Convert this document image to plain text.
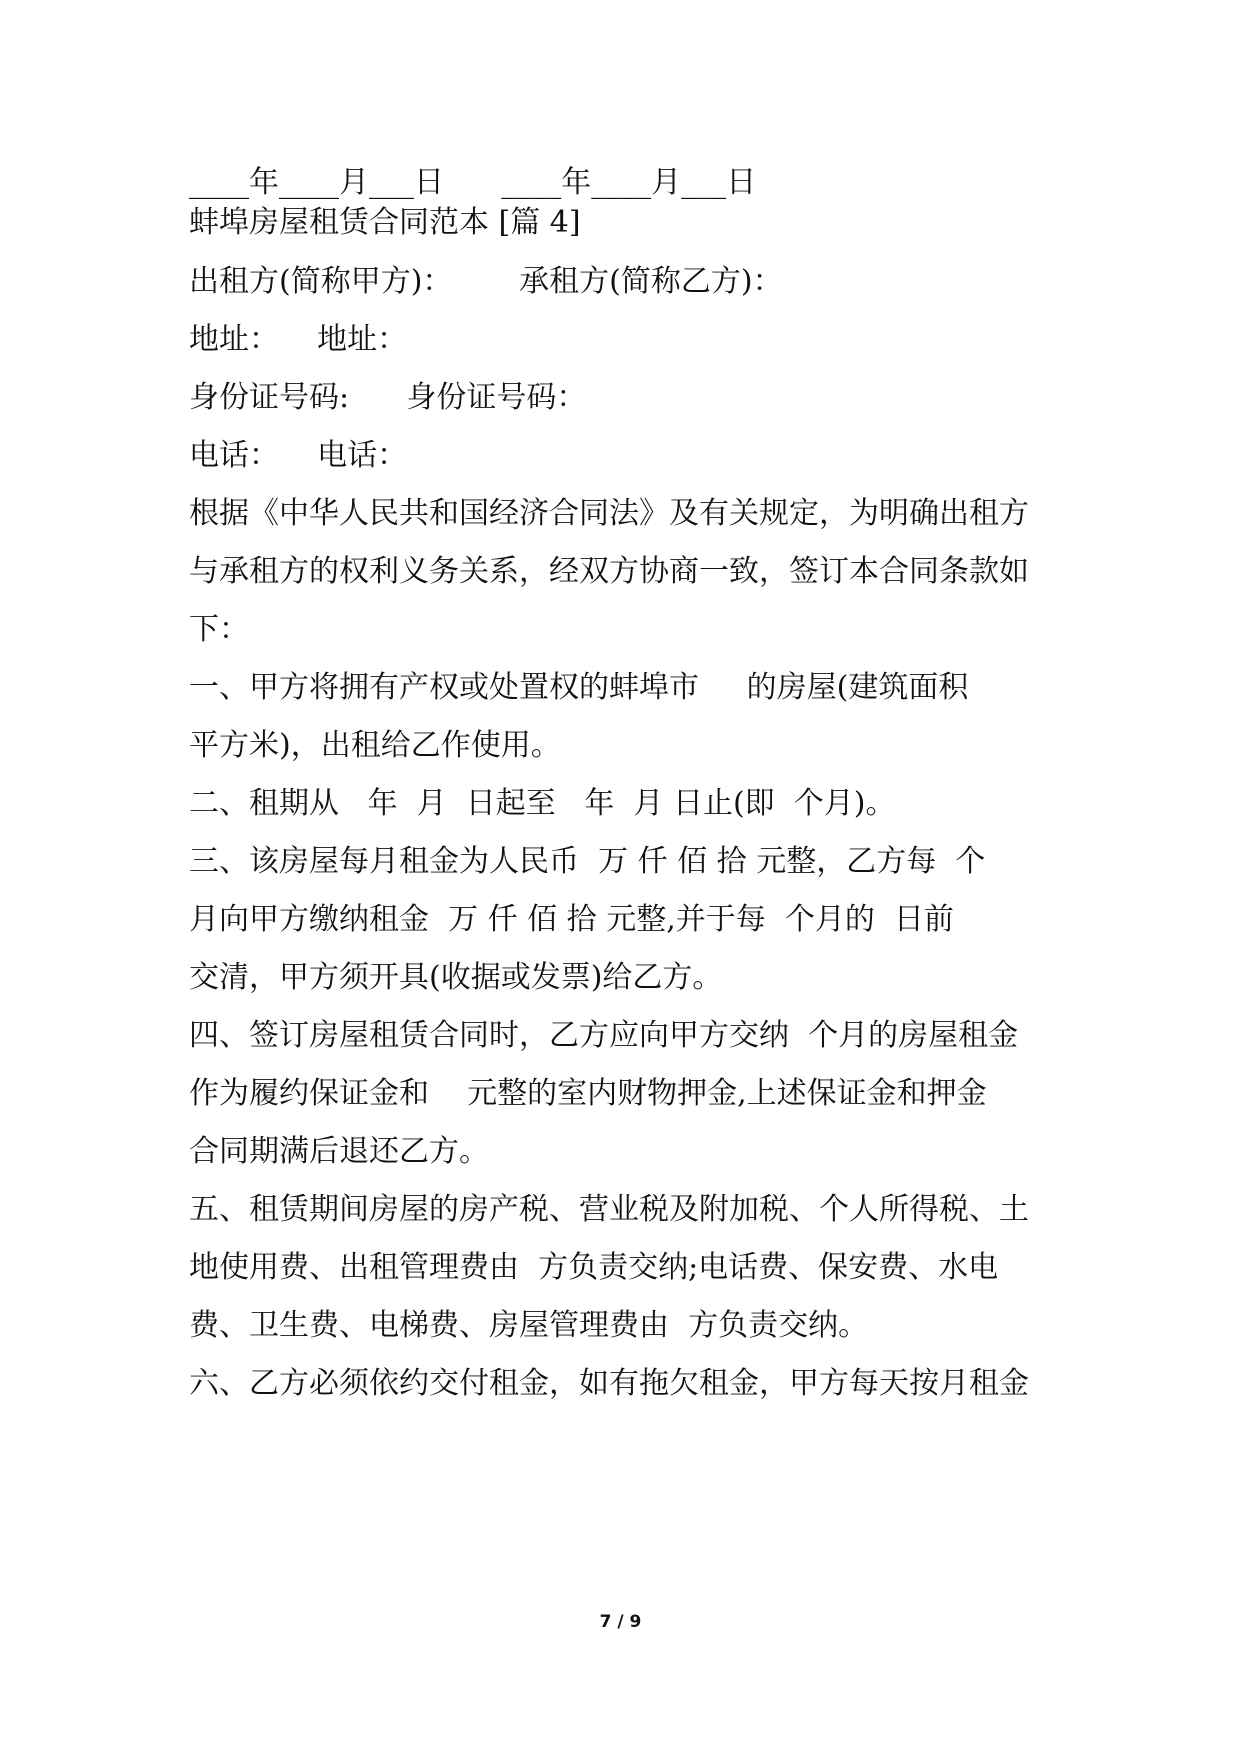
____年____月___日      ____年____月___日

蚌埠房屋租赁合同范本 [篇 4]

出租方(简称甲方)：       承租方(简称乙方)：

地址：    地址：

身份证号码:      身份证号码：

电话：    电话：

根据《中华人民共和国经济合同法》及有关规定，为明确出租方

与承租方的权利义务关系，经双方协商一致，签订本合同条款如

下：

一、甲方将拥有产权或处置权的蚌埠市     的房屋(建筑面积

平方米)，出租给乙作使用。

二、租期从   年  月  日起至   年  月 日止(即  个月)。

三、该房屋每月租金为人民币  万 仟 佰 拾 元整，乙方每  个

月向甲方缴纳租金  万 仟 佰 拾 元整,并于每  个月的  日前

交清，甲方须开具(收据或发票)给乙方。

四、签订房屋租赁合同时，乙方应向甲方交纳  个月的房屋租金

作为履约保证金和    元整的室内财物押金,上述保证金和押金

合同期满后退还乙方。

五、租赁期间房屋的房产税、营业税及附加税、个人所得税、土

地使用费、出租管理费由  方负责交纳;电话费、保安费、水电

费、卫生费、电梯费、房屋管理费由  方负责交纳。

六、乙方必须依约交付租金，如有拖欠租金，甲方每天按月租金

7 / 9
